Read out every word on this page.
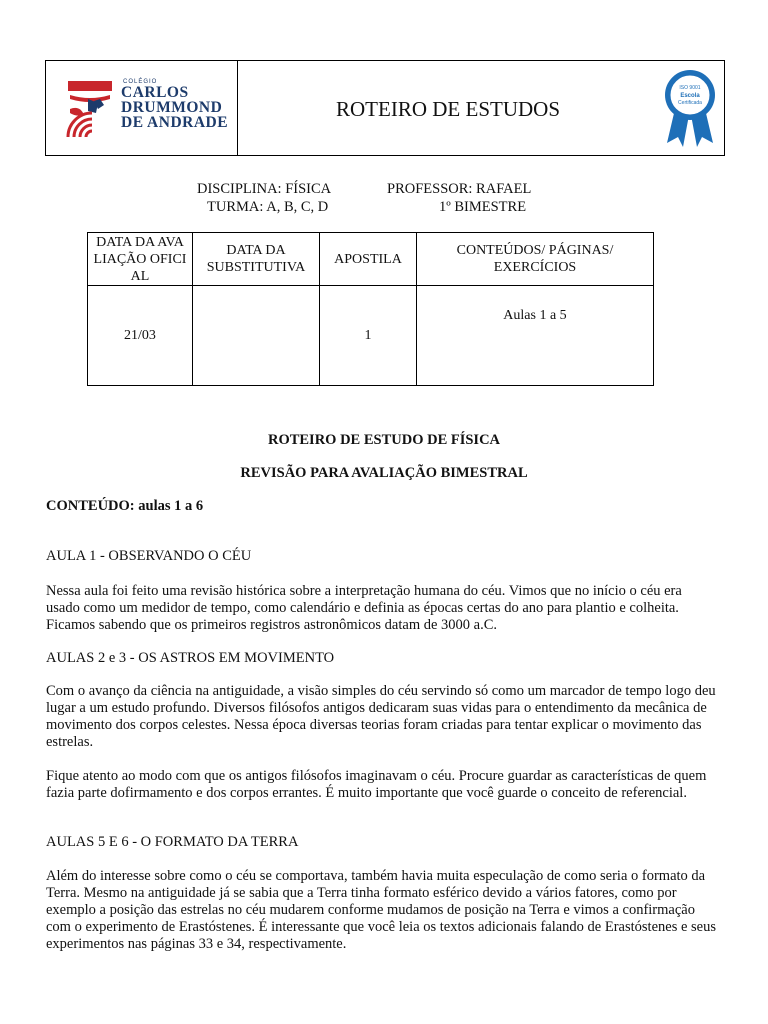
COLÉGIO
CARLOS
DRUMMOND
DE ANDRADE
ROTEIRO DE ESTUDOS
ISO 9001
Escola
Certificada
DISCIPLINA: FÍSICA	PROFESSOR: RAFAEL
TURMA: A, B, C, D	1º BIMESTRE
DATA DA AVALIAÇÃO OFICIAL	DATA DA SUBSTITUTIVA	APOSTILA	CONTEÚDOS/ PÁGINAS/ EXERCÍCIOS
21/03		1	Aulas 1 a 5
ROTEIRO DE ESTUDO DE FÍSICA
REVISÃO PARA AVALIAÇÃO BIMESTRAL
CONTEÚDO: aulas 1 a 6
AULA 1 - OBSERVANDO O CÉU
Nessa aula foi feito uma revisão histórica sobre a interpretação humana do céu. Vimos que no início o céu era usado como um medidor de tempo, como calendário e definia as épocas certas do ano para plantio e colheita. Ficamos sabendo que os primeiros registros astronômicos datam de 3000 a.C.
AULAS 2 e 3 - OS ASTROS EM MOVIMENTO
Com o avanço da ciência na antiguidade, a visão simples do céu servindo só como um marcador de tempo logo deu lugar a um estudo profundo. Diversos filósofos antigos dedicaram suas vidas para o entendimento da mecânica de movimento dos corpos celestes. Nessa época diversas teorias foram criadas para tentar explicar o movimento das estrelas.
Fique atento ao modo com que os antigos filósofos imaginavam o céu. Procure guardar as características de quem fazia parte dofirmamento e dos corpos errantes. É muito importante que você guarde o conceito de referencial.
AULAS 5 E 6 - O FORMATO DA TERRA
Além do interesse sobre como o céu se comportava, também havia muita especulação de como seria o formato da Terra. Mesmo na antiguidade já se sabia que a Terra tinha formato esférico devido a vários fatores, como por exemplo a posição das estrelas no céu mudarem conforme mudamos de posição na Terra e vimos a confirmação com o experimento de Erastóstenes. É interessante que você leia os textos adicionais falando de Erastóstenes e seus experimentos nas páginas 33 e 34, respectivamente.
